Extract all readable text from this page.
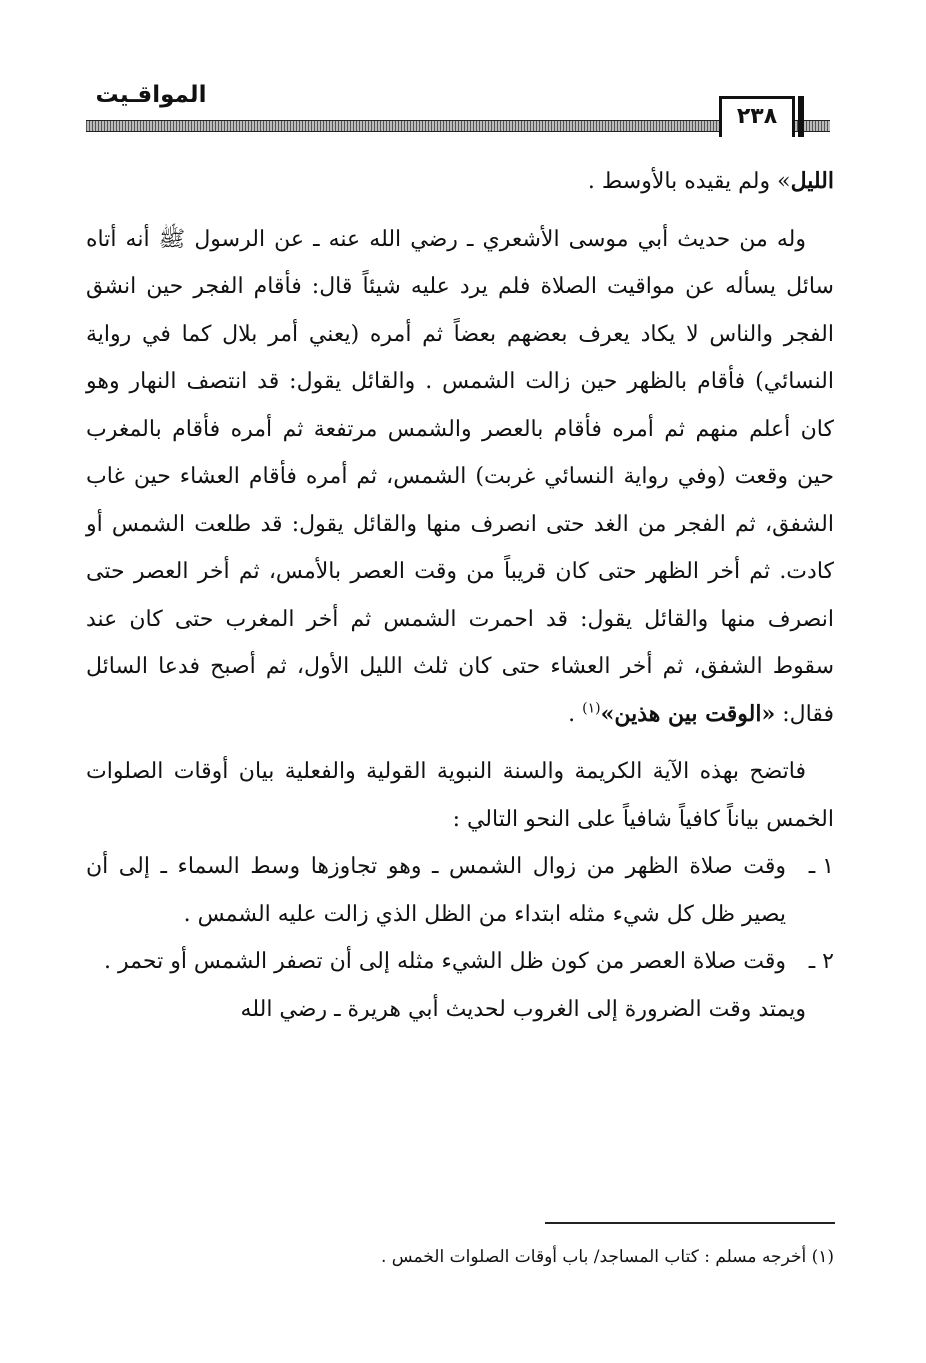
المواقـيت
٢٣٨

الليل» ولم يقيده بالأوسط .

وله من حديث أبي موسى الأشعري ـ رضي الله عنه ـ عن الرسول ﷺ أنه أتاه سائل يسأله عن مواقيت الصلاة فلم يرد عليه شيئاً قال: فأقام الفجر حين انشق الفجر والناس لا يكاد يعرف بعضهم بعضاً ثم أمره (يعني أمر بلال كما في رواية النسائي) فأقام بالظهر حين زالت الشمس . والقائل يقول: قد انتصف النهار وهو كان أعلم منهم ثم أمره فأقام بالعصر والشمس مرتفعة ثم أمره فأقام بالمغرب حين وقعت (وفي رواية النسائي غربت) الشمس، ثم أمره فأقام العشاء حين غاب الشفق، ثم الفجر من الغد حتى انصرف منها والقائل يقول: قد طلعت الشمس أو كادت. ثم أخر الظهر حتى كان قريباً من وقت العصر بالأمس، ثم أخر العصر حتى انصرف منها والقائل يقول: قد احمرت الشمس ثم أخر المغرب حتى كان عند سقوط الشفق، ثم أخر العشاء حتى كان ثلث الليل الأول، ثم أصبح فدعا السائل فقال: «الوقت بين هذين»$^{(١)}$ .

فاتضح بهذه الآية الكريمة والسنة النبوية القولية والفعلية بيان أوقات الصلوات الخمس بياناً كافياً شافياً على النحو التالي :

١ ـ
وقت صلاة الظهر من زوال الشمس ـ وهو تجاوزها وسط السماء ـ إلى أن يصير ظل كل شيء مثله ابتداء من الظل الذي زالت عليه الشمس .
٢ ـ
وقت صلاة العصر من كون ظل الشيء مثله إلى أن تصفر الشمس أو تحمر .

ويمتد وقت الضرورة إلى الغروب لحديث أبي هريرة ـ رضي الله

(١) أخرجه مسلم : كتاب المساجد/ باب أوقات الصلوات الخمس .
